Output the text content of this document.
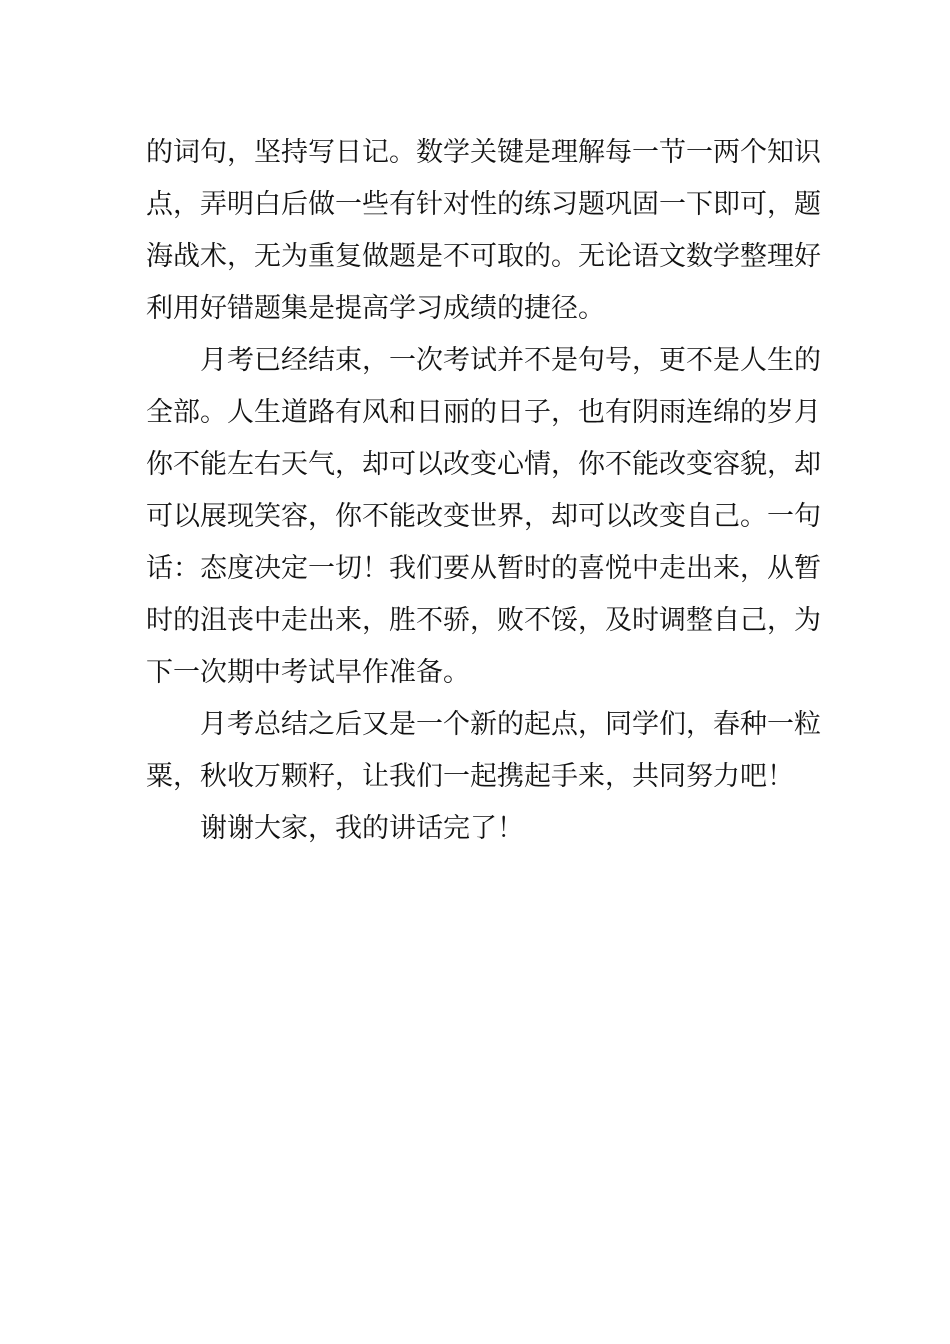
的词句，坚持写日记。数学关键是理解每一节一两个知识
点，弄明白后做一些有针对性的练习题巩固一下即可，题
海战术，无为重复做题是不可取的。无论语文数学整理好
利用好错题集是提高学习成绩的捷径。
月考已经结束，一次考试并不是句号，更不是人生的
全部。人生道路有风和日丽的日子，也有阴雨连绵的岁月
你不能左右天气，却可以改变心情，你不能改变容貌，却
可以展现笑容，你不能改变世界，却可以改变自己。一句
话：态度决定一切！我们要从暂时的喜悦中走出来，从暂
时的沮丧中走出来，胜不骄，败不馁，及时调整自己，为
下一次期中考试早作准备。
月考总结之后又是一个新的起点，同学们，春种一粒
粟，秋收万颗籽，让我们一起携起手来，共同努力吧！
谢谢大家，我的讲话完了！
